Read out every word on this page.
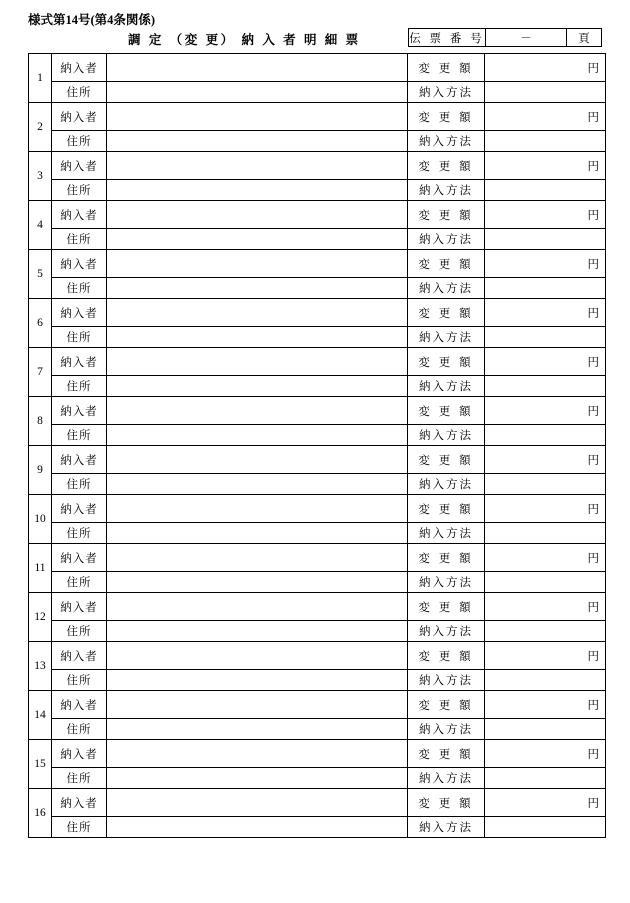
様式第14号(第4条関係)
調 定 （変 更） 納 入 者 明 細 票	伝 票 番 号	－	頁
1	納入者		変 更 額	円

	住所		納入方法	
2	納入者		変 更 額	円

	住所		納入方法	
3	納入者		変 更 額	円

	住所		納入方法	
4	納入者		変 更 額	円

	住所		納入方法	
5	納入者		変 更 額	円

	住所		納入方法	
6	納入者		変 更 額	円

	住所		納入方法	
7	納入者		変 更 額	円

	住所		納入方法	
8	納入者		変 更 額	円

	住所		納入方法	
9	納入者		変 更 額	円

	住所		納入方法	
10	納入者		変 更 額	円

	住所		納入方法	
11	納入者		変 更 額	円

	住所		納入方法	
12	納入者		変 更 額	円

	住所		納入方法	
13	納入者		変 更 額	円

	住所		納入方法	
14	納入者		変 更 額	円

	住所		納入方法	
15	納入者		変 更 額	円

	住所		納入方法	
16	納入者		変 更 額	円

	住所		納入方法	
